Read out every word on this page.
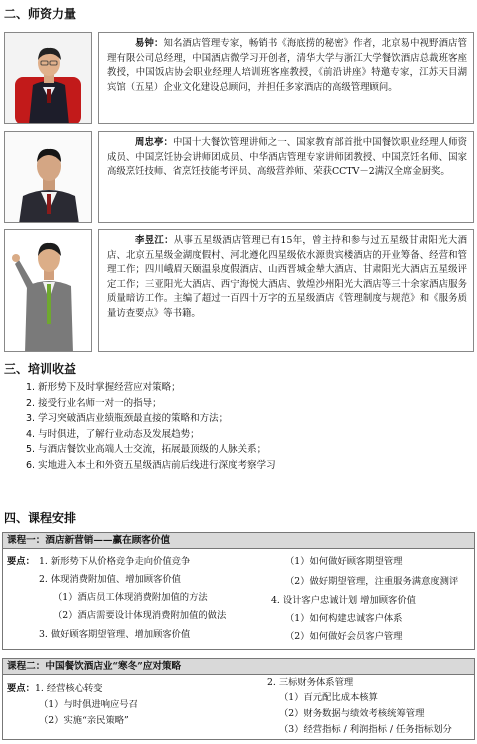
二、师资力量
易钟：知名酒店管理专家，畅销书《海底捞的秘密》作者，北京易中视野酒店管理有限公司总经理，中国酒店微学习开创者，清华大学与浙江大学餐饮酒店总裁班客座教授，中国饭店协会职业经理人培训班客座教授，《前沿讲座》特邀专家，江苏天目湖宾馆（五星）企业文化建设总顾问，并担任多家酒店的高级管理顾问。
周忠亭：中国十大餐饮管理讲师之一、国家教育部首批中国餐饮职业经理人师资成员、中国烹饪协会讲师团成员、中华酒店管理专家讲师团教授、中国烹饪名师、国家高级烹饪技师、省烹饪技能考评员、高级营养师、荣获CCTV－2满汉全席金厨奖。
李昱江：从事五星级酒店管理已有15年，曾主持和参与过五星级甘肃阳光大酒店、北京五星级金湖度假村、河北遵化四星级依水源贵宾楼酒店的开业筹备、经营和管理工作；四川峨眉天颐温泉度假酒店、山西晋城金辇大酒店、甘肃阳光大酒店五星级评定工作；三亚阳光大酒店、西宁海悦大酒店、敦煌沙州阳光大酒店等三十余家酒店服务质量暗访工作。主编了超过一百四十万字的五星级酒店《管理制度与规范》和《服务质量访查要点》等书籍。
三、培训收益
1. 新形势下及时掌握经营应对策略；
2. 接受行业名师一对一的指导；
3. 学习突破酒店业绩瓶颈最直接的策略和方法；
4. 与时俱进，了解行业动态及发展趋势；
5. 与酒店餐饮业高端人士交流，拓展最顶级的人脉关系；
6. 实地进入本土和外资五星级酒店前后线进行深度考察学习
四、课程安排
课程一：酒店新营销——赢在顾客价值
要点： 1. 新形势下从价格竞争走向价值竞争
2. 体现消费附加值、增加顾客价值
（1）酒店员工体现消费附加值的方法
（2）酒店需要设计体现消费附加值的做法
3. 做好顾客期望管理、增加顾客价值
（1）如何做好顾客期望管理
（2）做好期望管理，注重服务满意度测评
4. 设计客户忠诚计划 增加顾客价值
（1）如何构建忠诚客户体系
（2）如何做好会员客户管理
课程二：中国餐饮酒店业“寒冬”应对策略
要点： 1. 经营核心转变
（1）与时俱进响应号召
（2）实施“亲民策略”
2. 三标财务体系管理
（1）百元配比成本核算
（2）财务数据与绩效考核统筹管理
（3）经营指标 / 利润指标 / 任务指标划分
